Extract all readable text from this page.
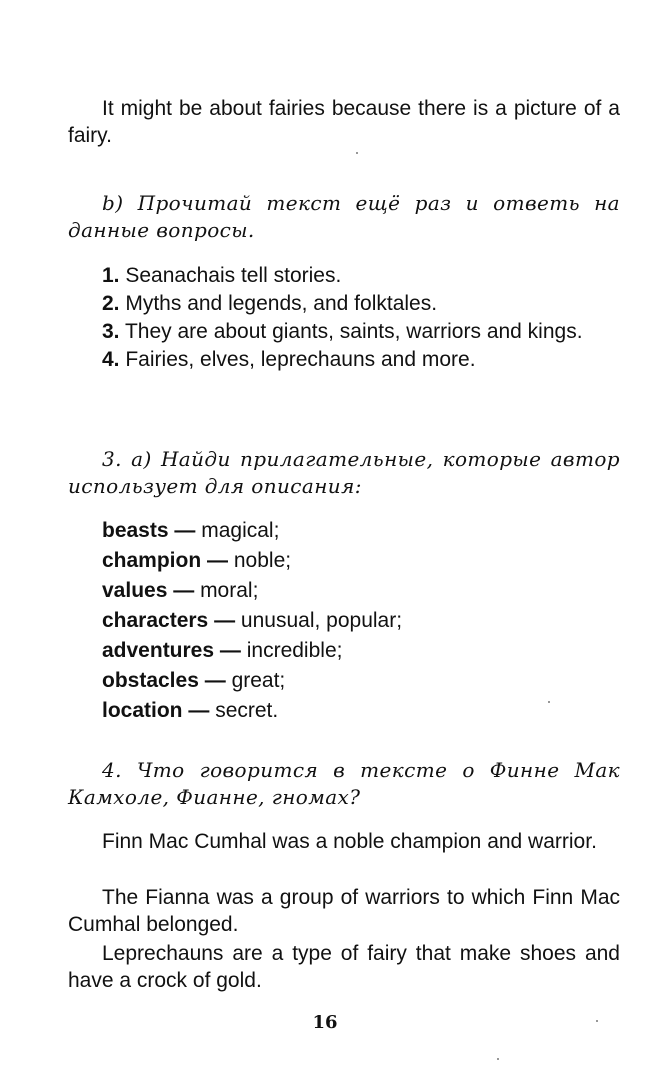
It might be about fairies because there is a picture of a fairy.

b) Прочитай текст ещё раз и ответь на данные вопросы.

1. Seanachais tell stories.
2. Myths and legends, and folktales.
3. They are about giants, saints, warriors and kings.
4. Fairies, elves, leprechauns and more.

3. а) Найди прилагательные, которые автор использует для описания:

beasts — magical;
champion — noble;
values — moral;
characters — unusual, popular;
adventures — incredible;
obstacles — great;
location — secret.

4. Что говорится в тексте о Финне Мак Камхоле, Фианне, гномах?

Finn Mac Cumhal was a noble champion and warrior.

The Fianna was a group of warriors to which Finn Mac Cumhal belonged.

Leprechauns are a type of fairy that make shoes and have a crock of gold.

16
